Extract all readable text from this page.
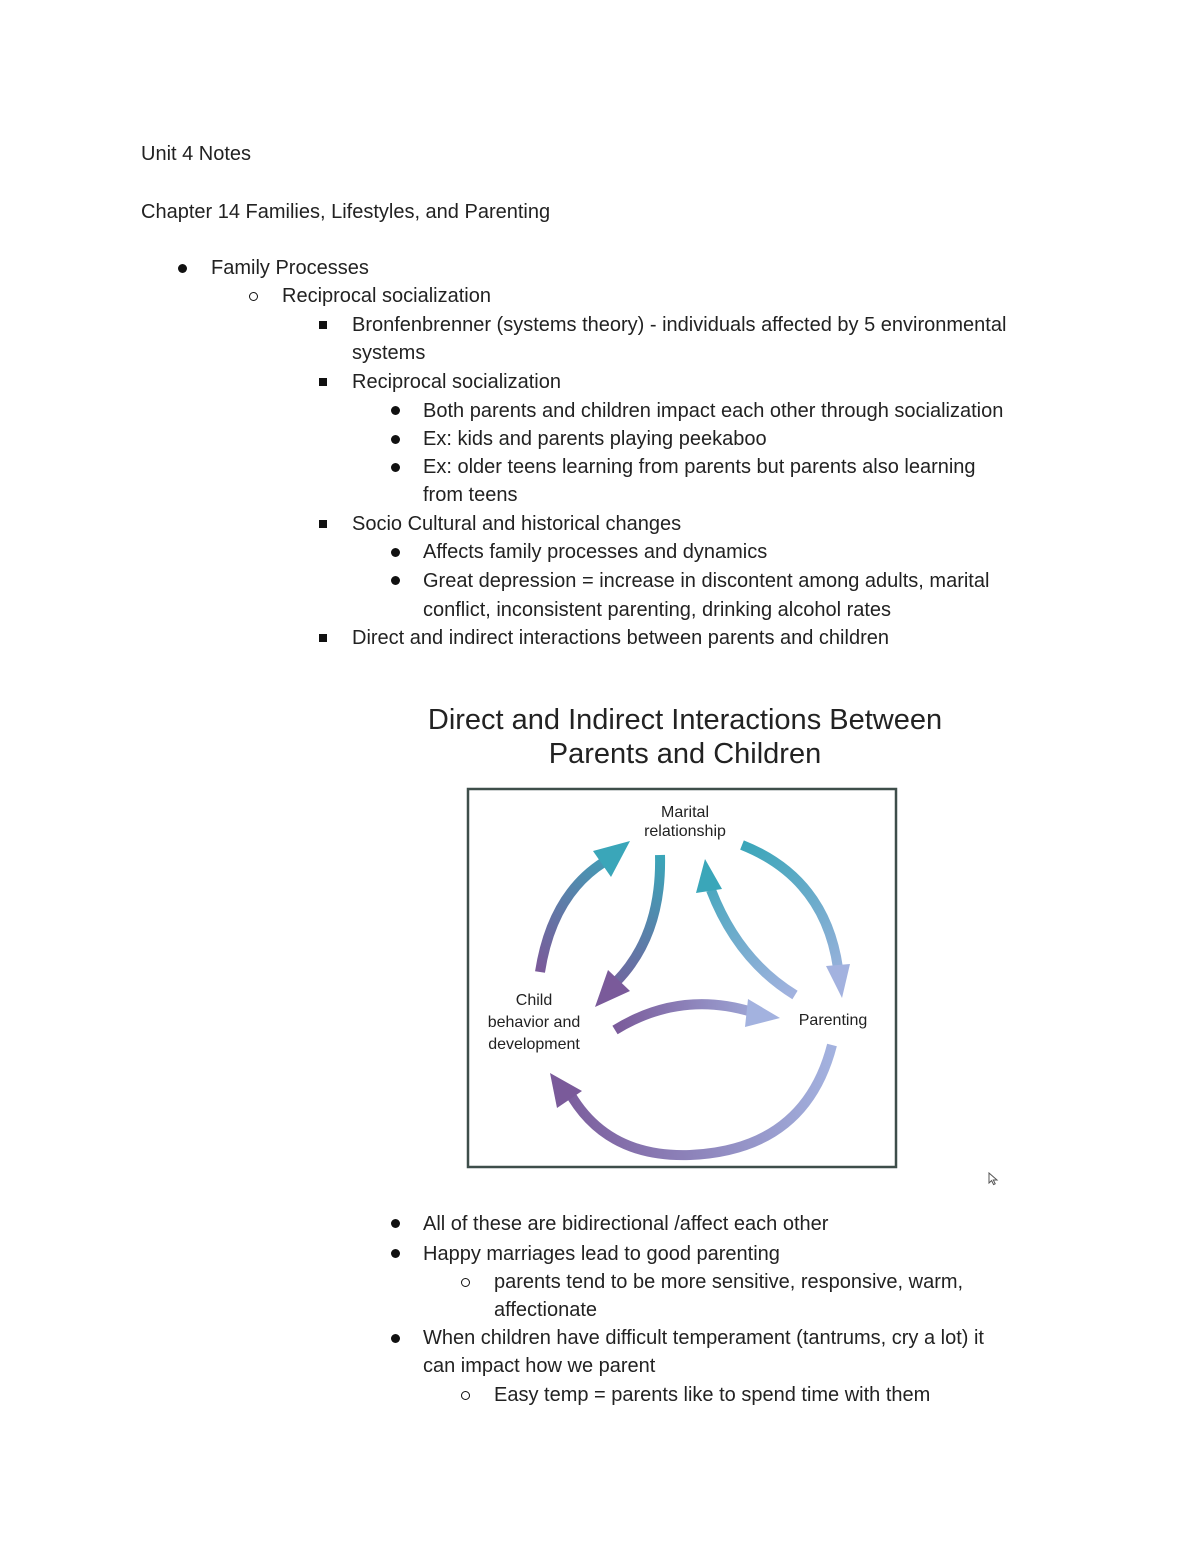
Unit 4 Notes
Chapter 14 Families, Lifestyles, and Parenting
Family Processes
Reciprocal socialization
Bronfenbrenner (systems theory) - individuals affected by 5 environmental
systems
Reciprocal socialization
Both parents and children impact each other through socialization
Ex: kids and parents playing peekaboo
Ex: older teens learning from parents but parents also learning
from teens
Socio Cultural and historical changes
Affects family processes and dynamics
Great depression = increase in discontent among adults, marital
conflict, inconsistent parenting, drinking alcohol rates
Direct and indirect interactions between parents and children
Direct and Indirect Interactions Between
Parents and Children
Marital
relationship
Child
behavior and
development
Parenting
All of these are bidirectional /affect each other
Happy marriages lead to good parenting
parents tend to be more sensitive, responsive, warm,
affectionate
When children have difficult temperament (tantrums, cry a lot) it
can impact how we parent
Easy temp = parents like to spend time with them
